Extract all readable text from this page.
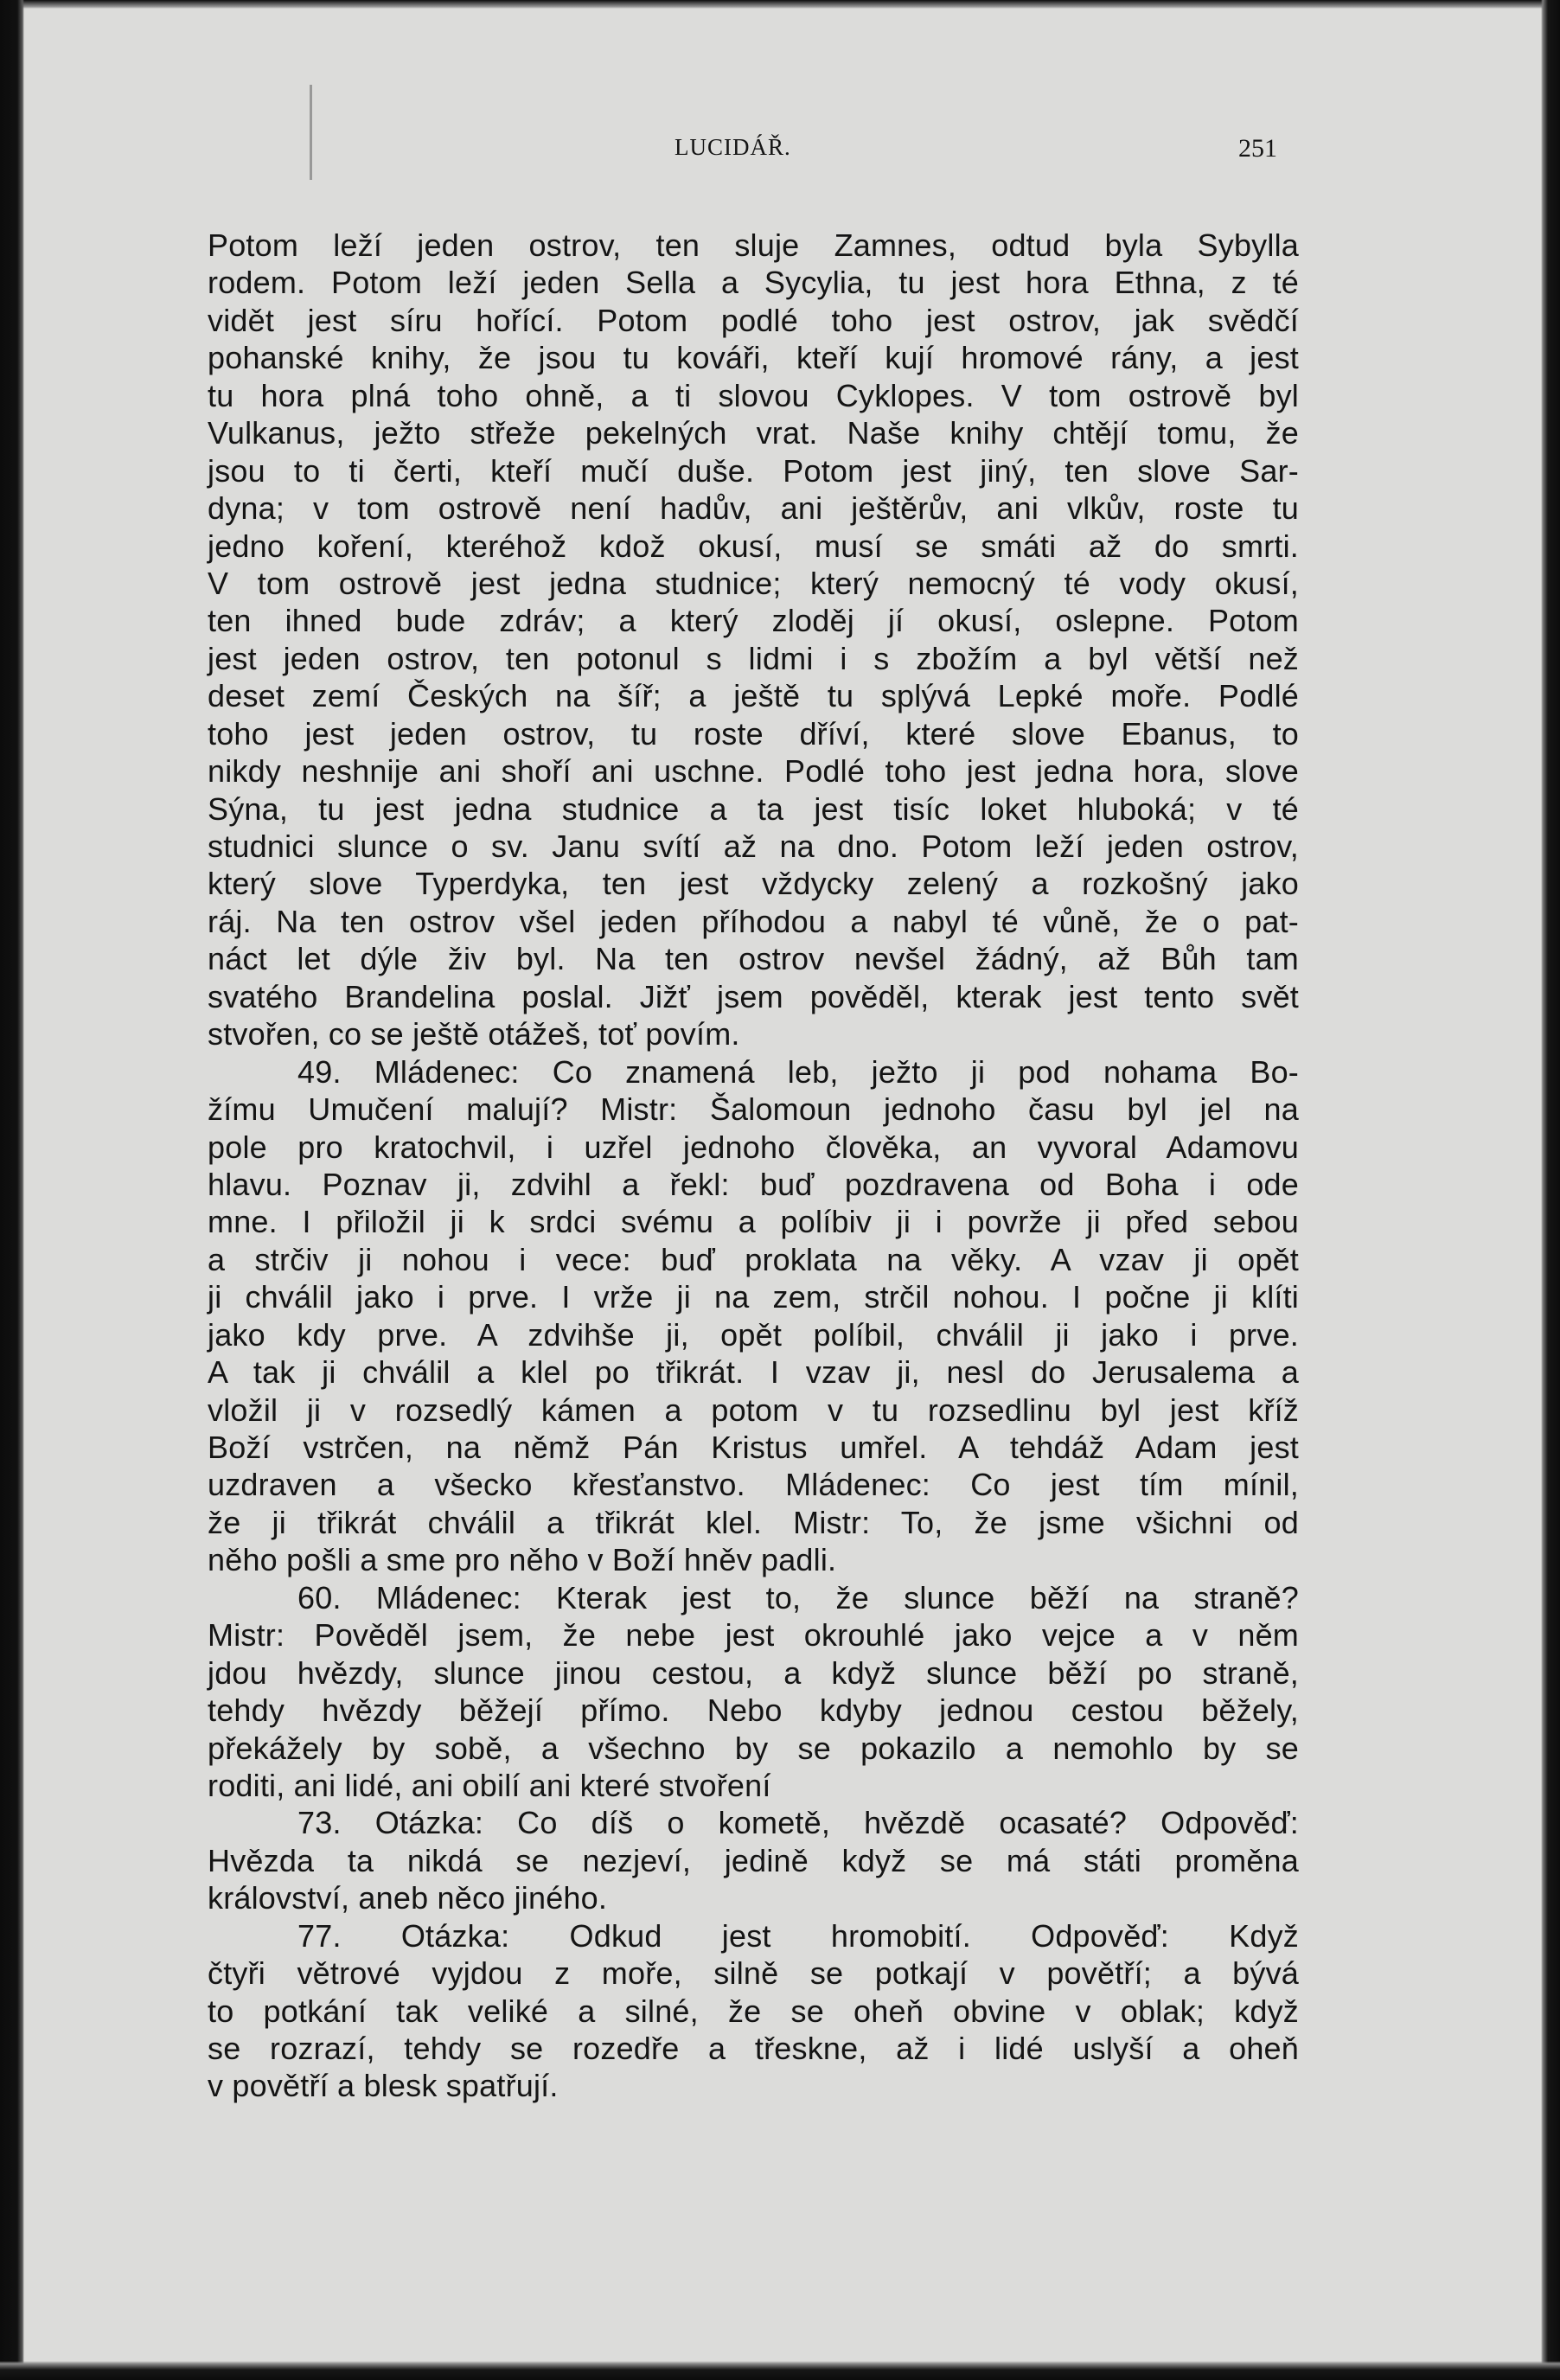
LUCIDÁŘ.	251
Potom leží jeden ostrov, ten sluje Zamnes, odtud byla Sybylla
rodem. Potom leží jeden Sella a Sycylia, tu jest hora Ethna, z té
vidět jest síru hořící. Potom podlé toho jest ostrov, jak svědčí
pohanské knihy, že jsou tu kováři, kteří kují hromové rány, a jest
tu hora plná toho ohně, a ti slovou Cyklopes. V tom ostrově byl
Vulkanus, ježto střeže pekelných vrat. Naše knihy chtějí tomu, že
jsou to ti čerti, kteří mučí duše. Potom jest jiný, ten slove Sar-
dyna; v tom ostrově není hadův, ani ještěrův, ani vlkův, roste tu
jedno koření, kteréhož kdož okusí, musí se smáti až do smrti.
V tom ostrově jest jedna studnice; který nemocný té vody okusí,
ten ihned bude zdráv; a který zloděj jí okusí, oslepne. Potom
jest jeden ostrov, ten potonul s lidmi i s zbožím a byl větší než
deset zemí Českých na šíř; a ještě tu splývá Lepké moře. Podlé
toho jest jeden ostrov, tu roste dříví, které slove Ebanus, to
nikdy neshnije ani shoří ani uschne. Podlé toho jest jedna hora, slove
Sýna, tu jest jedna studnice a ta jest tisíc loket hluboká; v té
studnici slunce o sv. Janu svítí až na dno. Potom leží jeden ostrov,
který slove Typerdyka, ten jest vždycky zelený a rozkošný jako
ráj. Na ten ostrov všel jeden příhodou a nabyl té vůně, že o pat-
náct let dýle živ byl. Na ten ostrov nevšel žádný, až Bůh tam
svatého Brandelina poslal. Jižť jsem pověděl, kterak jest tento svět
stvořen, co se ještě otážeš, toť povím.
49. Mládenec: Co znamená leb, ježto ji pod nohama Bo-
žímu Umučení malují? Mistr: Šalomoun jednoho času byl jel na
pole pro kratochvil, i uzřel jednoho člověka, an vyvoral Adamovu
hlavu. Poznav ji, zdvihl a řekl: buď pozdravena od Boha i ode
mne. I přiložil ji k srdci svému a políbiv ji i povrže ji před sebou
a strčiv ji nohou i vece: buď proklata na věky. A vzav ji opět
ji chválil jako i prve. I vrže ji na zem, strčil nohou. I počne ji klíti
jako kdy prve. A zdvihše ji, opět políbil, chválil ji jako i prve.
A tak ji chválil a klel po třikrát. I vzav ji, nesl do Jerusalema a
vložil ji v rozsedlý kámen a potom v tu rozsedlinu byl jest kříž
Boží vstrčen, na němž Pán Kristus umřel. A tehdáž Adam jest
uzdraven a všecko křesťanstvo. Mládenec: Co jest tím mínil,
že ji třikrát chválil a třikrát klel. Mistr: To, že jsme všichni od
něho pošli a sme pro něho v Boží hněv padli.
60. Mládenec: Kterak jest to, že slunce běží na straně?
Mistr: Pověděl jsem, že nebe jest okrouhlé jako vejce a v něm
jdou hvězdy, slunce jinou cestou, a když slunce běží po straně,
tehdy hvězdy běžejí přímo. Nebo kdyby jednou cestou běžely,
překážely by sobě, a všechno by se pokazilo a nemohlo by se
roditi, ani lidé, ani obilí ani které stvoření
73. Otázka: Co díš o kometě, hvězdě ocasaté? Odpověď:
Hvězda ta nikdá se nezjeví, jedině když se má státi proměna
království, aneb něco jiného.
77. Otázka: Odkud jest hromobití. Odpověď: Když
čtyři větrové vyjdou z moře, silně se potkají v povětří; a bývá
to potkání tak veliké a silné, že se oheň obvine v oblak; když
se rozrazí, tehdy se rozedře a třeskne, až i lidé uslyší a oheň
v povětří a blesk spatřují.
